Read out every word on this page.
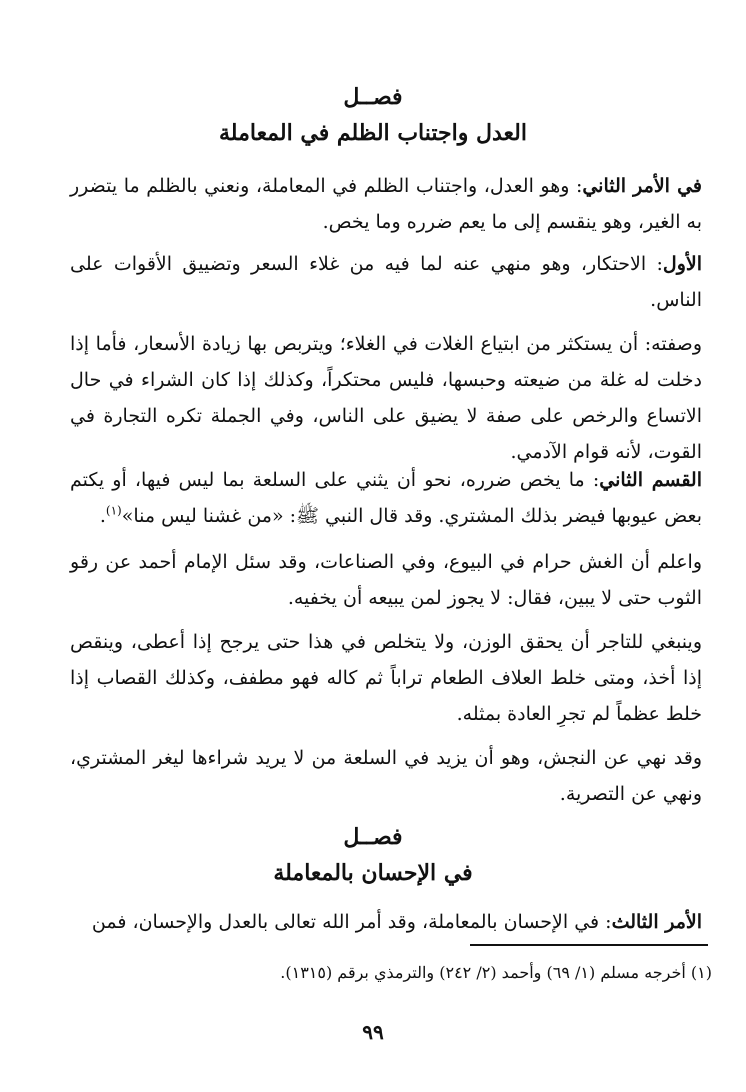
فصــل
العدل واجتناب الظلم في المعاملة
في الأمر الثاني: وهو العدل، واجتناب الظلم في المعاملة، ونعني بالظلم ما يتضرر به الغير، وهو ينقسم إلى ما يعم ضرره وما يخص.
الأول: الاحتكار، وهو منهي عنه لما فيه من غلاء السعر وتضييق الأقوات على الناس.
وصفته: أن يستكثر من ابتياع الغلات في الغلاء؛ ويتربص بها زيادة الأسعار، فأما إذا دخلت له غلة من ضيعته وحبسها، فليس محتكراً، وكذلك إذا كان الشراء في حال الاتساع والرخص على صفة لا يضيق على الناس، وفي الجملة تكره التجارة في القوت، لأنه قوام الآدمي.
القسم الثاني: ما يخص ضرره، نحو أن يثني على السلعة بما ليس فيها، أو يكتم بعض عيوبها فيضر بذلك المشتري. وقد قال النبي ﷺ: «من غشنا ليس منا»$^{(١)}$.
واعلم أن الغش حرام في البيوع، وفي الصناعات، وقد سئل الإمام أحمد عن رقو الثوب حتى لا يبين، فقال: لا يجوز لمن يبيعه أن يخفيه.
وينبغي للتاجر أن يحقق الوزن، ولا يتخلص في هذا حتى يرجح إذا أعطى، وينقص إذا أخذ، ومتى خلط العلاف الطعام تراباً ثم كاله فهو مطفف، وكذلك القصاب إذا خلط عظماً لم تجرِ العادة بمثله.
وقد نهي عن النجش، وهو أن يزيد في السلعة من لا يريد شراءها ليغر المشتري، ونهي عن التصرية.
فصــل
في الإحسان بالمعاملة
الأمر الثالث: في الإحسان بالمعاملة، وقد أمر الله تعالى بالعدل والإحسان، فمن
(١) أخرجه مسلم (١/ ٦٩) وأحمد (٢/ ٢٤٢) والترمذي برقم (١٣١٥).
٩٩
